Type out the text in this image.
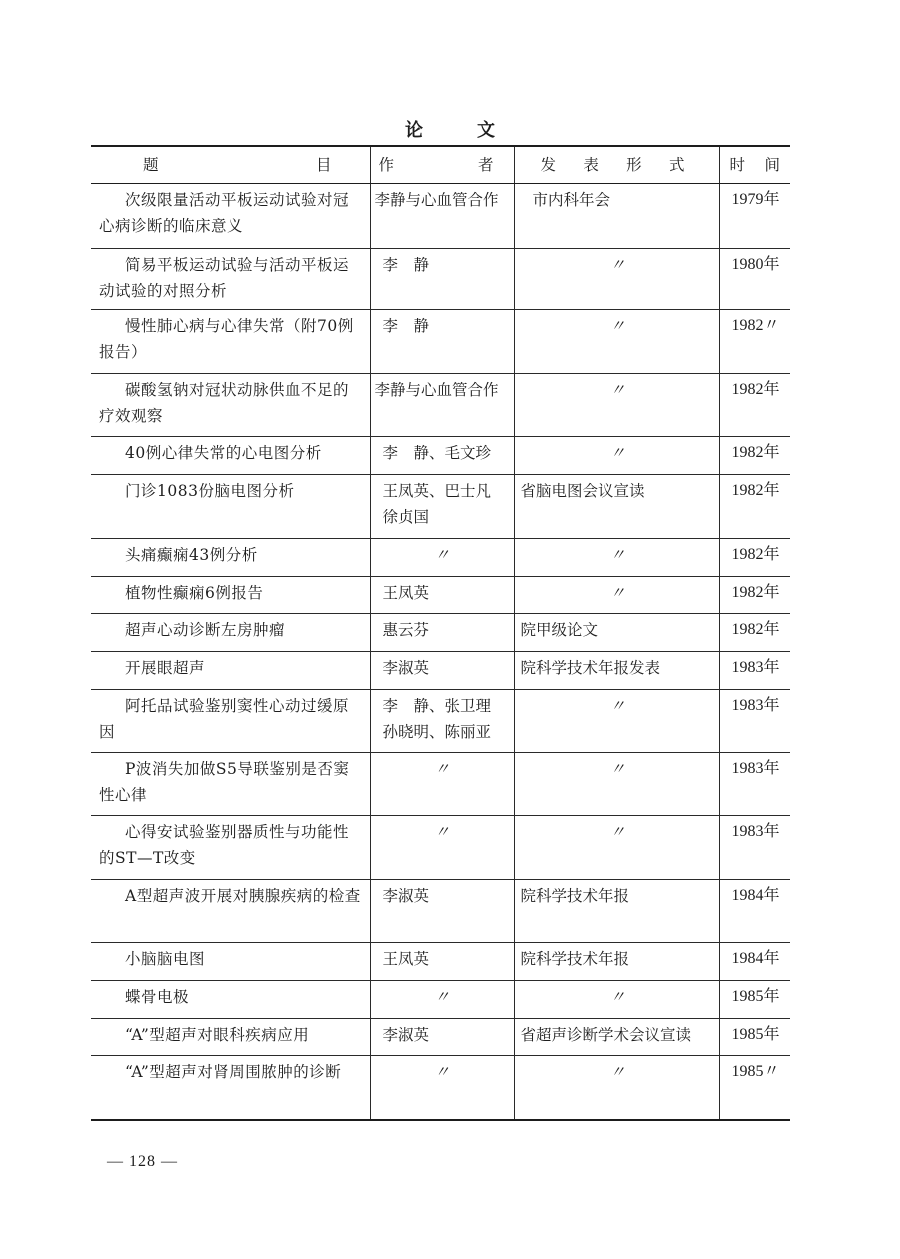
论文
题目	作者	发表形式	时间
次级限量活动平板运动试验对冠心病诊断的临床意义	李静与心血管合作	市内科年会	1979年
简易平板运动试验与活动平板运动试验的对照分析	李　静	〃	1980年
慢性肺心病与心律失常（附70例报告）	李　静	〃	1982〃
碳酸氢钠对冠状动脉供血不足的疗效观察	李静与心血管合作	〃	1982年
40例心律失常的心电图分析	李　静、毛文珍	〃	1982年
门诊1083份脑电图分析	王凤英、巴士凡 徐贞国	省脑电图会议宣读	1982年
头痛癫痫43例分析	〃	〃	1982年
植物性癫痫6例报告	王凤英	〃	1982年
超声心动诊断左房肿瘤	惠云芬	院甲级论文	1982年
开展眼超声	李淑英	院科学技术年报发表	1983年
阿托品试验鉴别窦性心动过缓原因	李　静、张卫理 孙晓明、陈丽亚	〃	1983年
P波消失加做S5导联鉴别是否窦性心律	〃	〃	1983年
心得安试验鉴别器质性与功能性的ST—T改变	〃	〃	1983年
A型超声波开展对胰腺疾病的检查	李淑英	院科学技术年报	1984年
小脑脑电图	王凤英	院科学技术年报	1984年
蝶骨电极	〃	〃	1985年
“A”型超声对眼科疾病应用	李淑英	省超声诊断学术会议宣读	1985年
“A”型超声对肾周围脓肿的诊断	〃	〃	1985〃
— 128 —
